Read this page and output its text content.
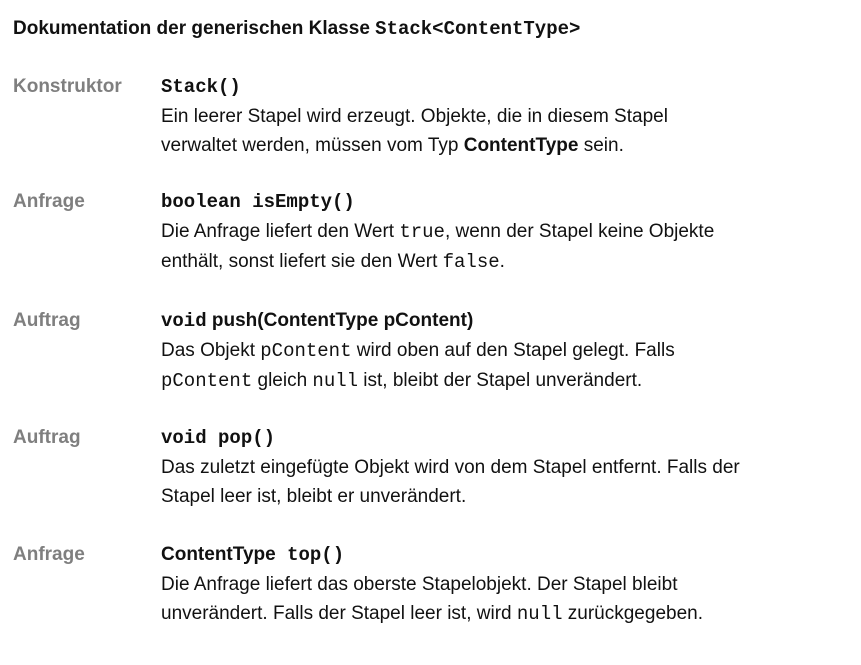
Dokumentation der generischen Klasse Stack<ContentType>
Konstruktor Stack()

Ein leerer Stapel wird erzeugt. Objekte, die in diesem Stapel
verwaltet werden, müssen vom Typ ContentType sein.

Anfrage	boolean isEmpty()

Die Anfrage liefert den Wert true, wenn der Stapel keine Objekte
enthält, sonst liefert sie den Wert false.

Auftrag	void push(ContentType pContent)

Das Objekt pContent wird oben auf den Stapel gelegt. Falls
pContent gleich null ist, bleibt der Stapel unverändert.

Auftrag	void pop()

Das zuletzt eingefügte Objekt wird von dem Stapel entfernt. Falls der
Stapel leer ist, bleibt er unverändert.

Anfrage	ContentType top()

Die Anfrage liefert das oberste Stapelobjekt. Der Stapel bleibt
unverändert. Falls der Stapel leer ist, wird null zurückgegeben.
